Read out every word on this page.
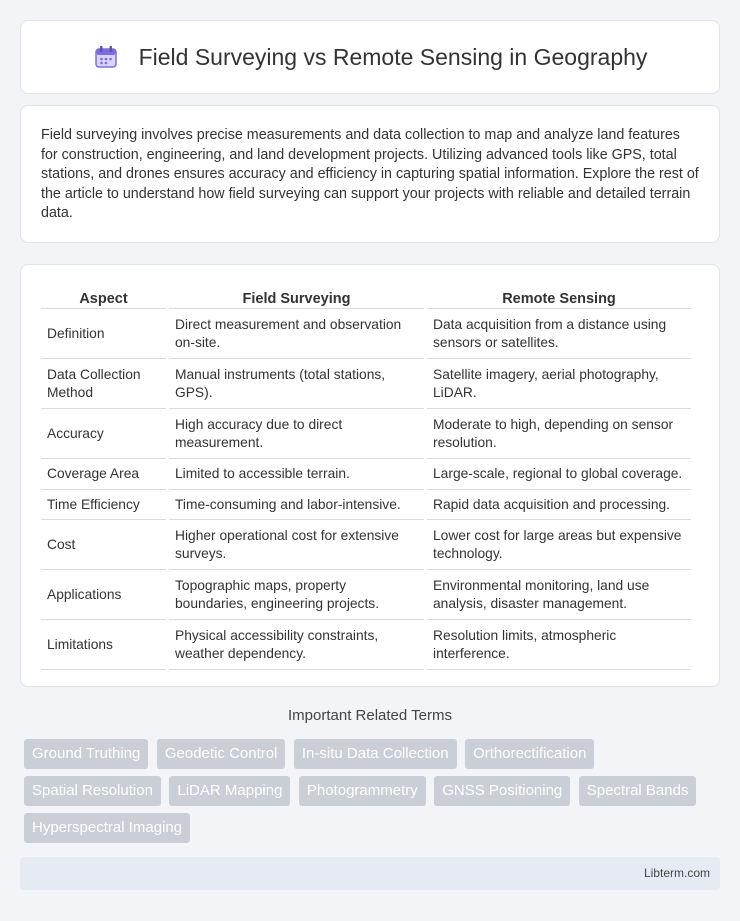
Field Surveying vs Remote Sensing in Geography

Field surveying involves precise measurements and data collection to map and analyze land features for construction, engineering, and land development projects. Utilizing advanced tools like GPS, total stations, and drones ensures accuracy and efficiency in capturing spatial information. Explore the rest of the article to understand how field surveying can support your projects with reliable and detailed terrain data.

Aspect	Field Surveying	Remote Sensing
Definition	Direct measurement and observation on-site.	Data acquisition from a distance using sensors or satellites.
Data Collection Method	Manual instruments (total stations, GPS).	Satellite imagery, aerial photography, LiDAR.
Accuracy	High accuracy due to direct measurement.	Moderate to high, depending on sensor resolution.
Coverage Area	Limited to accessible terrain.	Large-scale, regional to global coverage.
Time Efficiency	Time-consuming and labor-intensive.	Rapid data acquisition and processing.
Cost	Higher operational cost for extensive surveys.	Lower cost for large areas but expensive technology.
Applications	Topographic maps, property boundaries, engineering projects.	Environmental monitoring, land use analysis, disaster management.
Limitations	Physical accessibility constraints, weather dependency.	Resolution limits, atmospheric interference.
Important Related Terms
Ground Truthing Geodetic Control In-situ Data Collection Orthorectification Spatial Resolution LiDAR Mapping Photogrammetry GNSS Positioning Spectral Bands Hyperspectral Imaging
Libterm.com
